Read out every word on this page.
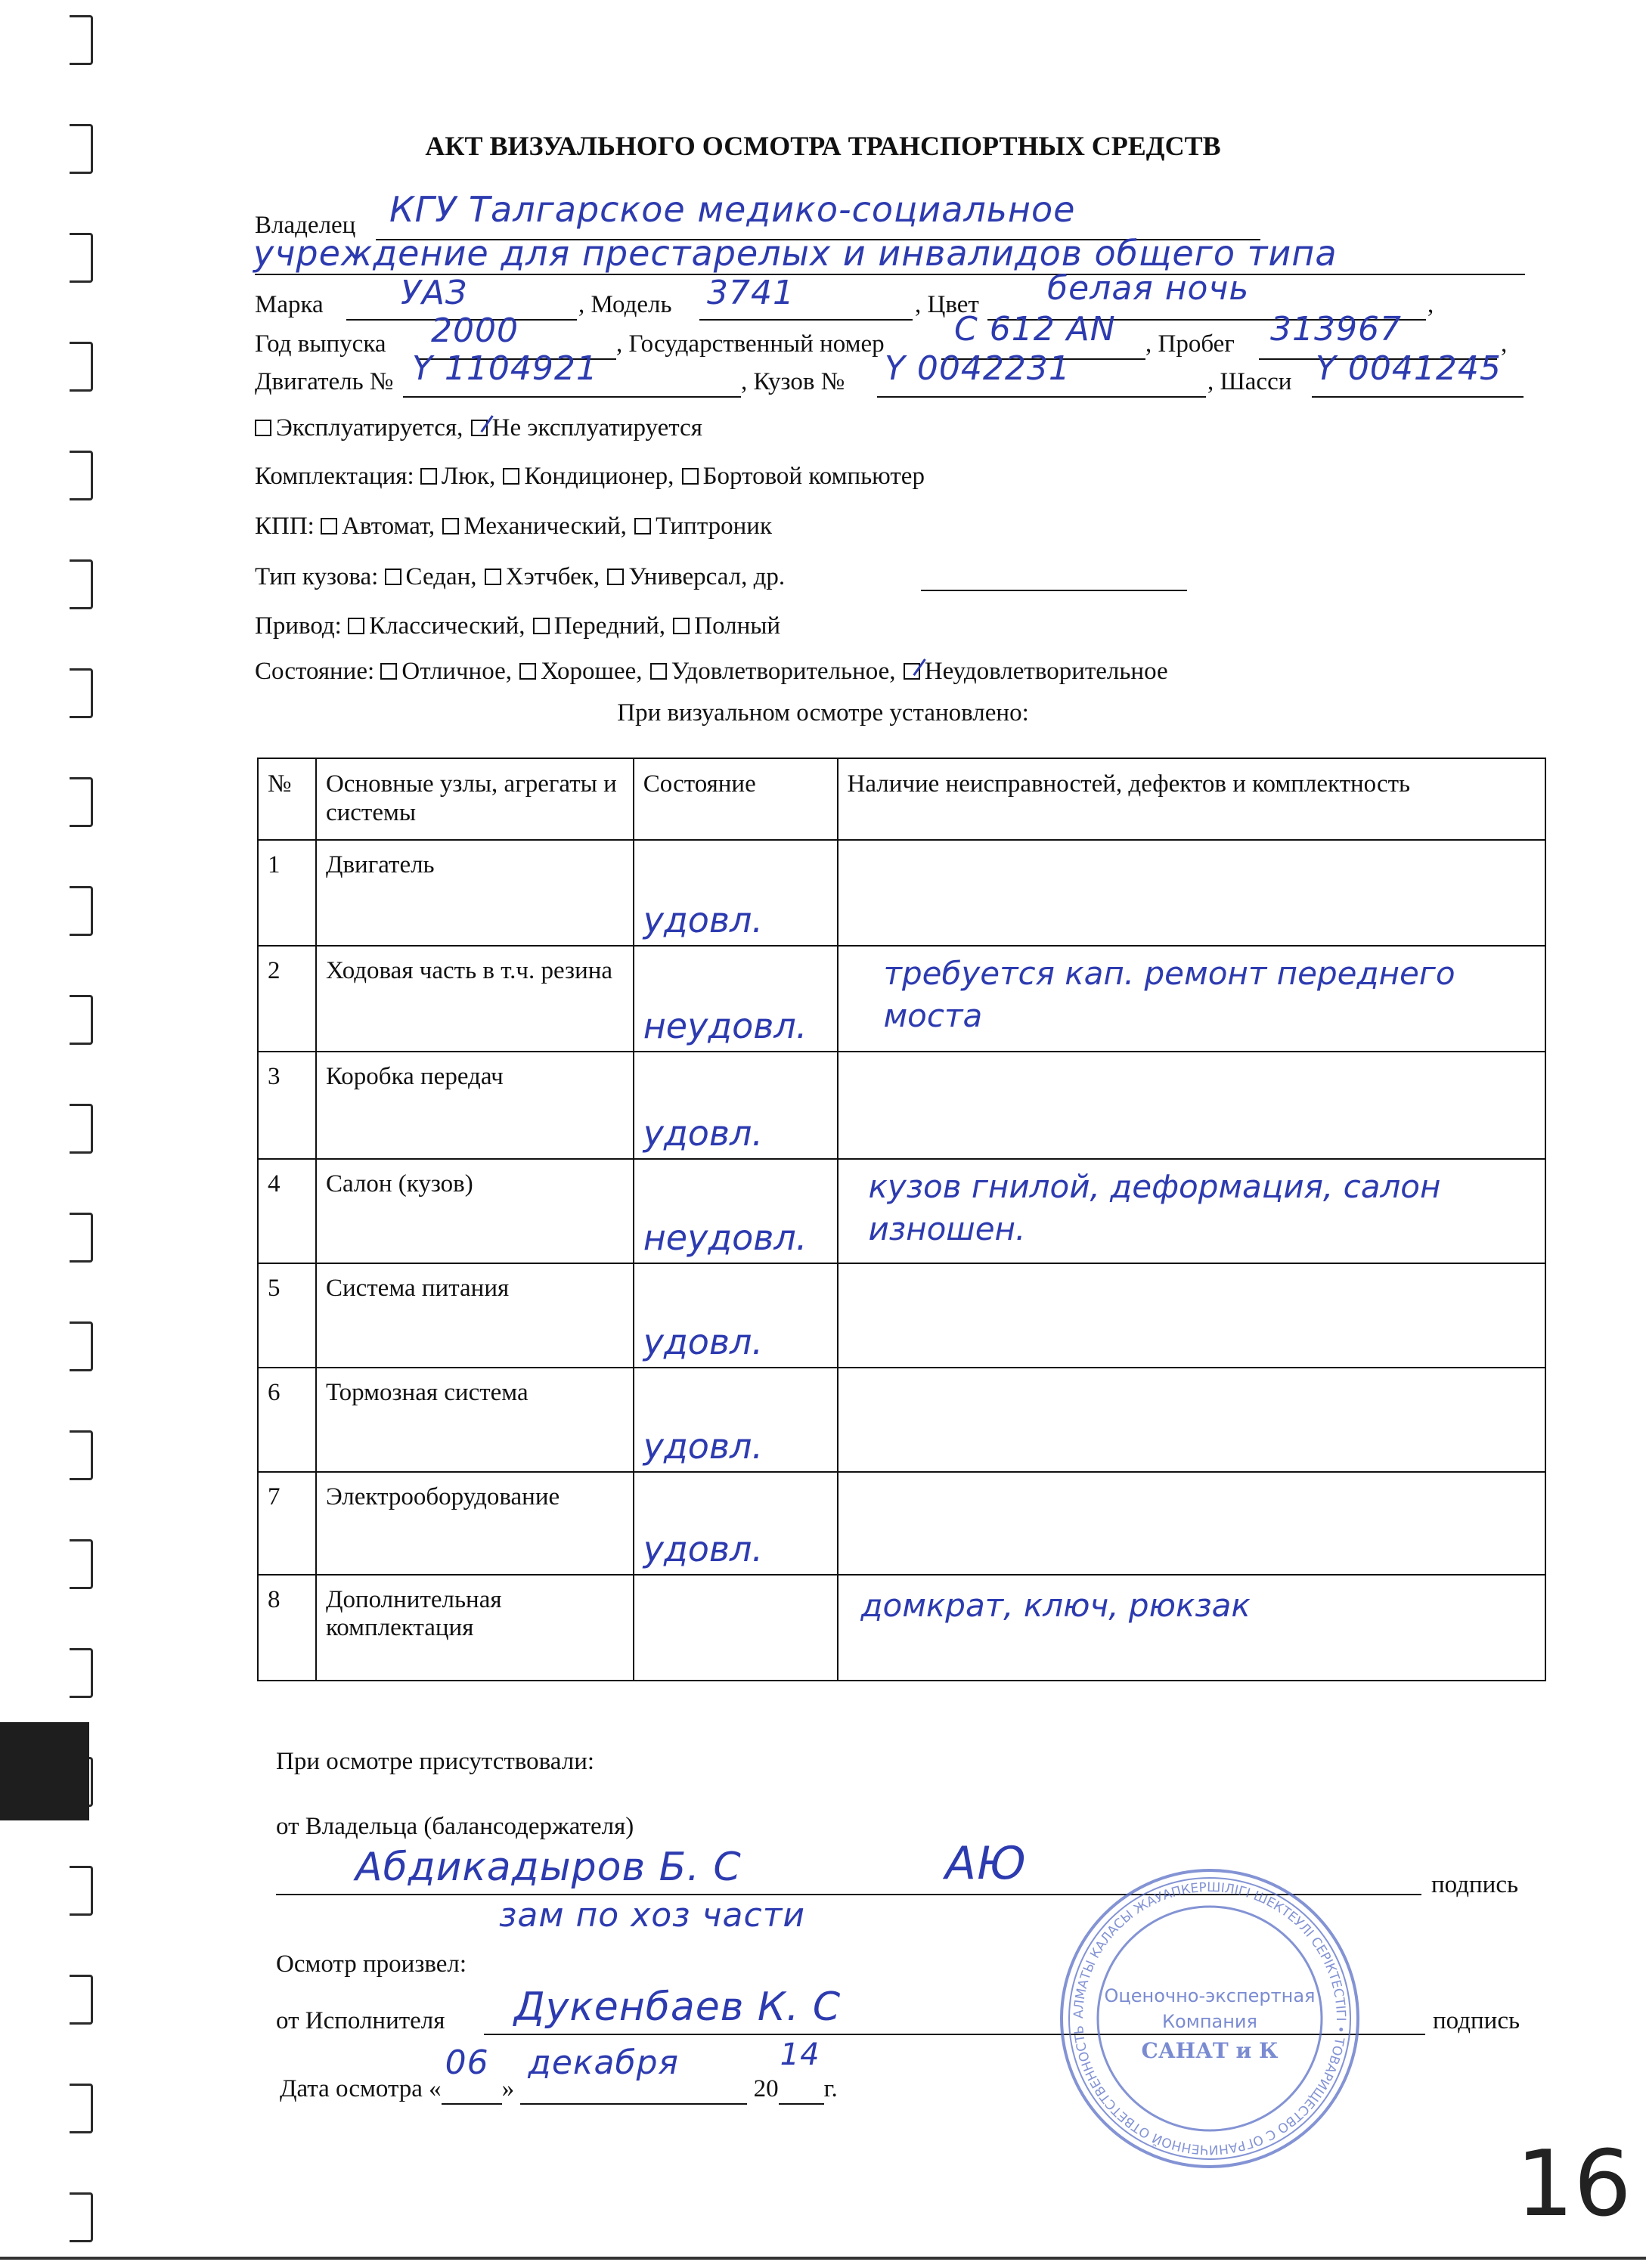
АКТ ВИЗУАЛЬНОГО ОСМОТРА ТРАНСПОРТНЫХ СРЕДСТВ
Владелец КГУ Талгарское медико-социальное
учреждение для престарелых и инвалидов общего типа
Марка УАЗ	, Модель 3741	, Цвет белая ночь	,
Год выпуска 2000	, Государственный номер C 612 AN , Пробег 313967	,
Двигатель № Y 1104921	, Кузов № Y 0042231	, Шасси Y 0041245
Эксплуатируется, Не эксплуатируется
Комплектация: Люк, Кондиционер, Бортовой компьютер
КПП: Автомат, Механический, Типтроник
Тип кузова: Седан, Хэтчбек, Универсал, др.
Привод: Классический, Передний, Полный
Состояние: Отличное, Хорошее, Удовлетворительное, Неудовлетворительное
При визуальном осмотре установлено:
№	Основные узлы, агрегаты и системы	Состояние	Наличие неисправностей, дефектов и комплектность
1	Двигатель	удовл.	

2	Ходовая часть в т.ч. резина	неудовл.	требуется кап. ремонт переднего моста

3	Коробка передач	удовл.	

4	Салон (кузов)	неудовл.	кузов гнилой, деформация, салон изношен.

5	Система питания	удовл.	

6	Тормозная система	удовл.	

7	Электрооборудование	удовл.	

8	Дополнительная комплектация		домкрат, ключ, рюкзак
При осмотре присутствовали:
от Владельца (балансодержателя)
Абдикадыров Б. С	АЮ	подпись
зам по хоз части
Осмотр произвел:
от Исполнителя Дукенбаев К. С	подпись
Дата осмотра «
06
»
декабря
20
14
г.
АЛМАТЫ КАЛАСЫ ЖАУАПКЕРШІЛІГІ ШЕКТЕУЛІ СЕРІКТЕСТІГІ • ТОВАРИЩЕСТВО С ОГРАНИЧЕННОЙ ОТВЕТСТВЕННОСТЬ
Оценочно-экспертная
Компания
САНАТ и К
16
